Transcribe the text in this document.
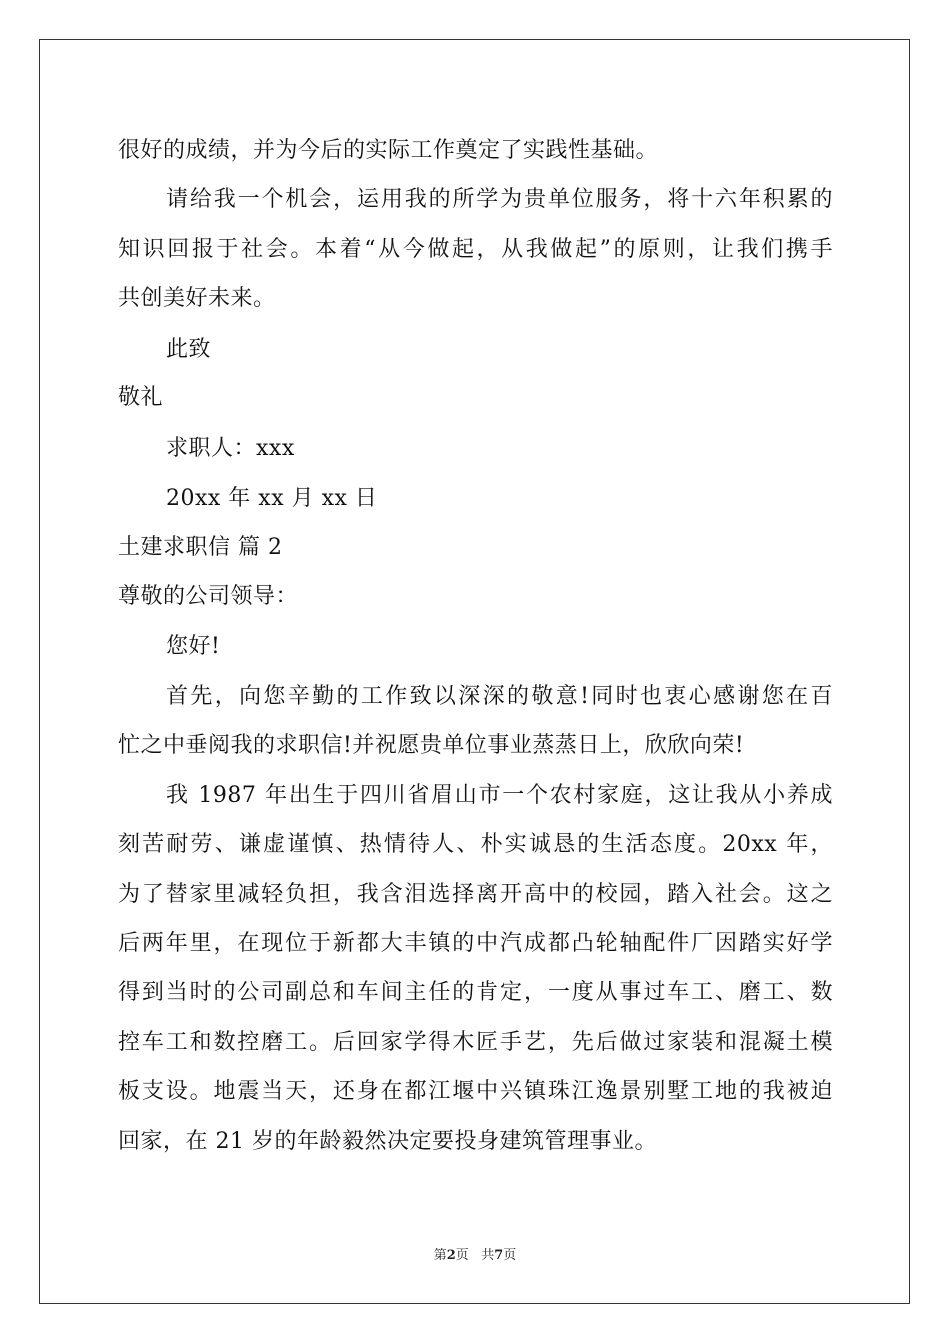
很好的成绩，并为今后的实际工作奠定了实践性基础。
请给我一个机会，运用我的所学为贵单位服务，将十六年积累的
知识回报于社会。本着“从今做起，从我做起”的原则，让我们携手
共创美好未来。
此致
敬礼
求职人：xxx
20xx 年 xx 月 xx 日
土建求职信 篇 2
尊敬的公司领导：
您好!
首先，向您辛勤的工作致以深深的敬意!同时也衷心感谢您在百
忙之中垂阅我的求职信!并祝愿贵单位事业蒸蒸日上，欣欣向荣!
我 1987 年出生于四川省眉山市一个农村家庭，这让我从小养成
刻苦耐劳、谦虚谨慎、热情待人、朴实诚恳的生活态度。20xx 年，
为了替家里减轻负担，我含泪选择离开高中的校园，踏入社会。这之
后两年里，在现位于新都大丰镇的中汽成都凸轮轴配件厂因踏实好学
得到当时的公司副总和车间主任的肯定，一度从事过车工、磨工、数
控车工和数控磨工。后回家学得木匠手艺，先后做过家装和混凝土模
板支设。地震当天，还身在都江堰中兴镇珠江逸景别墅工地的我被迫
回家，在 21 岁的年龄毅然决定要投身建筑管理事业。
第2页 共7页
